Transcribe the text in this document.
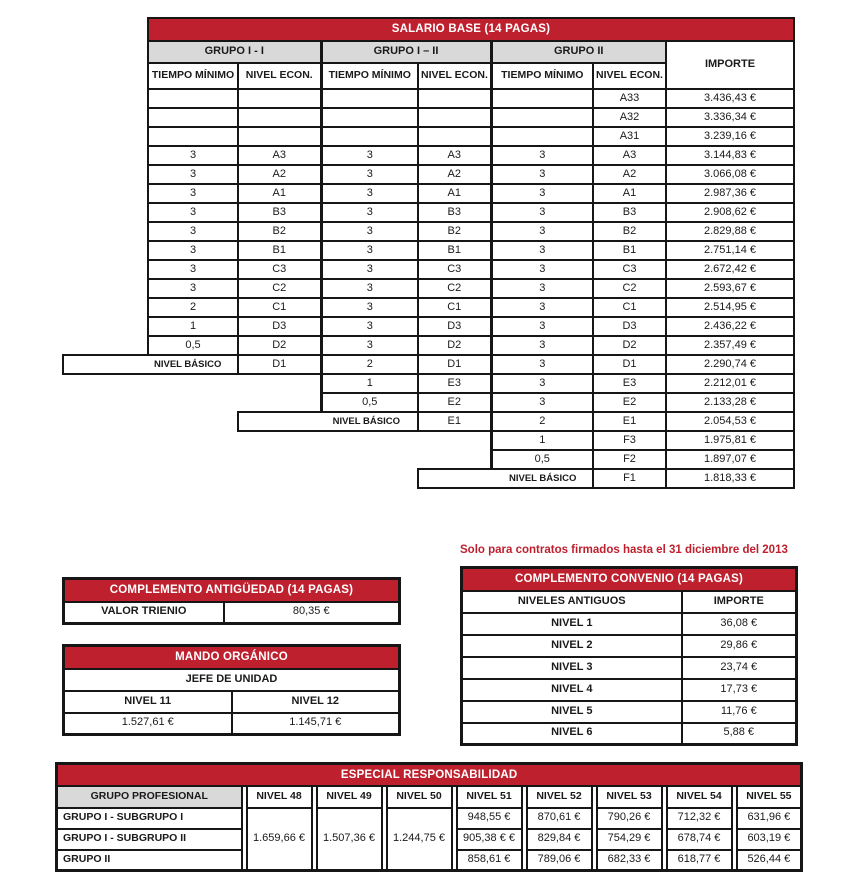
	SALARIO BASE (14 PAGAS)						
	GRUPO I - I		GRUPO I – II		GRUPO II		IMPORTE
	TIEMPO MÍNIMO	NIVEL ECON.	TIEMPO MÍNIMO	NIVEL ECON.	TIEMPO MÍNIMO	NIVEL ECON.	
						A33	3.436,43 €
						A32	3.336,34 €
						A31	3.239,16 €
	3	A3	3	A3	3	A3	3.144,83 €
	3	A2	3	A2	3	A2	3.066,08 €
	3	A1	3	A1	3	A1	2.987,36 €
	3	B3	3	B3	3	B3	2.908,62 €
	3	B2	3	B2	3	B2	2.829,88 €
	3	B1	3	B1	3	B1	2.751,14 €
	3	C3	3	C3	3	C3	2.672,42 €
	3	C2	3	C2	3	C2	2.593,67 €
	2	C1	3	C1	3	C1	2.514,95 €
	1	D3	3	D3	3	D3	2.436,22 €
	0,5	D2	3	D2	3	D2	2.357,49 €

NIVEL BÁSICO		D1	2	D1	3	D1	2.290,74 €
			1	E3	3	E3	2.212,01 €
			0,5	E2	3	E2	2.133,28 €

		NIVEL BÁSICO		E1	2	E1	2.054,53 €
					1	F3	1.975,81 €
					0,5	F2	1.897,07 €

				NIVEL BÁSICO		F1	1.818,33 €
Solo para contratos firmados hasta el 31 diciembre del 2013
COMPLEMENTO CONVENIO (14 PAGAS)	
NIVELES ANTIGUOS	IMPORTE
NIVEL 1	36,08 €
NIVEL 2	29,86 €
NIVEL 3	23,74 €
NIVEL 4	17,73 €
NIVEL 5	11,76 €
NIVEL 6	5,88 €
COMPLEMENTO ANTIGÜEDAD (14 PAGAS)
VALOR TRIENIO	80,35 €
MANDO ORGÁNICO	
JEFE DE UNIDAD	
NIVEL 11	NIVEL 12
1.527,61 €	1.145,71 €
ESPECIAL RESPONSABILIDAD																
GRUPO PROFESIONAL		NIVEL 48		NIVEL 49		NIVEL 50		NIVEL 51		NIVEL 52		NIVEL 53		NIVEL 54		NIVEL 55
GRUPO I - SUBGRUPO I		1.659,66 €		1.507,36 €		1.244,75 €		948,55 €		870,61 €		790,26 €		712,32 €		631,96 €
GRUPO I - SUBGRUPO II								905,38 € €		829,84 €		754,29 €		678,74 €		603,19 €
GRUPO II								858,61 €		789,06 €		682,33 €		618,77 €		526,44 €
